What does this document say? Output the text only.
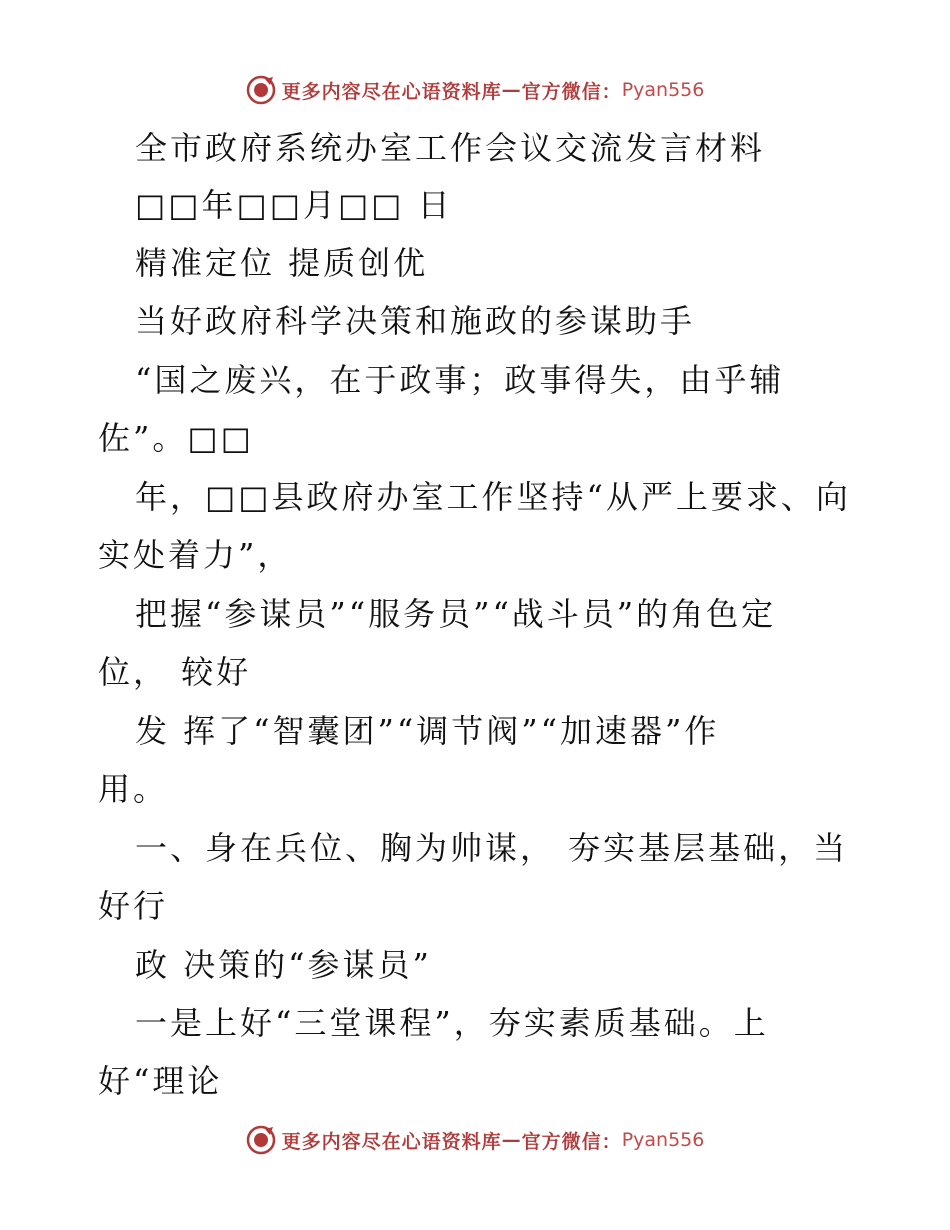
更多内容尽在心语资料库 — 官方微信： Pyan556
全市政府系统办室工作会议交流发言材料
□□年□□月□□ 日
精准定位 提质创优
当好政府科学决策和施政的参谋助手
“国之废兴，在于政事；政事得失，由乎辅
佐”。□□
年，□□县政府办室工作坚持“从严上要求、向
实处着力”，
把握“参谋员”“服务员”“战斗员”的角色定
位， 较好
发 挥了“智囊团”“调节阀”“加速器”作
用。
一、身在兵位、胸为帅谋， 夯实基层基础，当
好行
政 决策的“参谋员”
一是上好“三堂课程”，夯实素质基础。上
好“理论
更多内容尽在心语资料库 — 官方微信： Pyan556
